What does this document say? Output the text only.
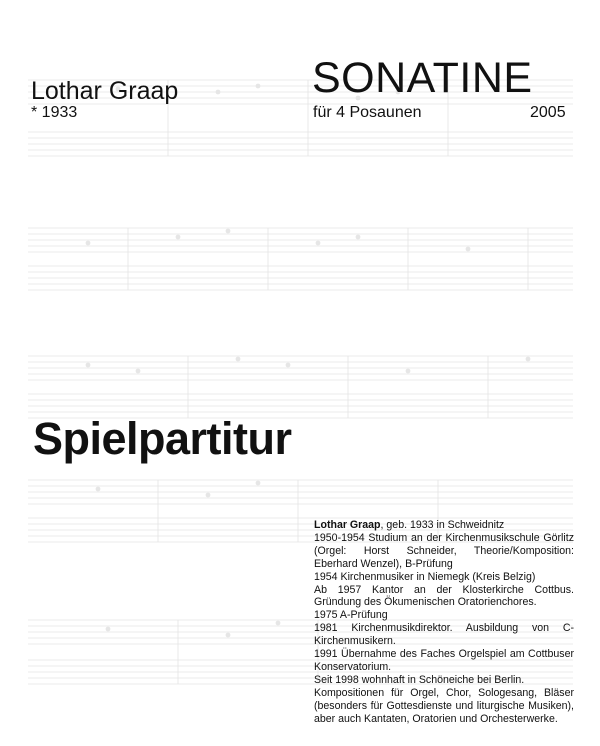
Lothar Graap
* 1933
SONATINE
für 4 Posaunen	2005
Spielpartitur

Lothar Graap, geb. 1933 in Schweidnitz

1950-1954 Studium an der Kirchenmusikschule Görlitz (Orgel: Horst Schneider, Theorie/Komposition: Eberhard Wenzel), B-Prüfung

1954 Kirchenmusiker in Niemegk (Kreis Belzig)

Ab 1957 Kantor an der Klosterkirche Cottbus. Gründung des Ökumenischen Oratorienchores.

1975 A-Prüfung

1981 Kirchenmusikdirektor. Ausbildung von C-Kirchenmusikern.

1991 Übernahme des Faches Orgelspiel am Cottbuser Konservatorium.

Seit 1998 wohnhaft in Schöneiche bei Berlin.

Kompositionen für Orgel, Chor, Sologesang, Bläser (besonders für Gottesdienste und liturgische Musiken), aber auch Kantaten, Oratorien und Orchesterwerke.
